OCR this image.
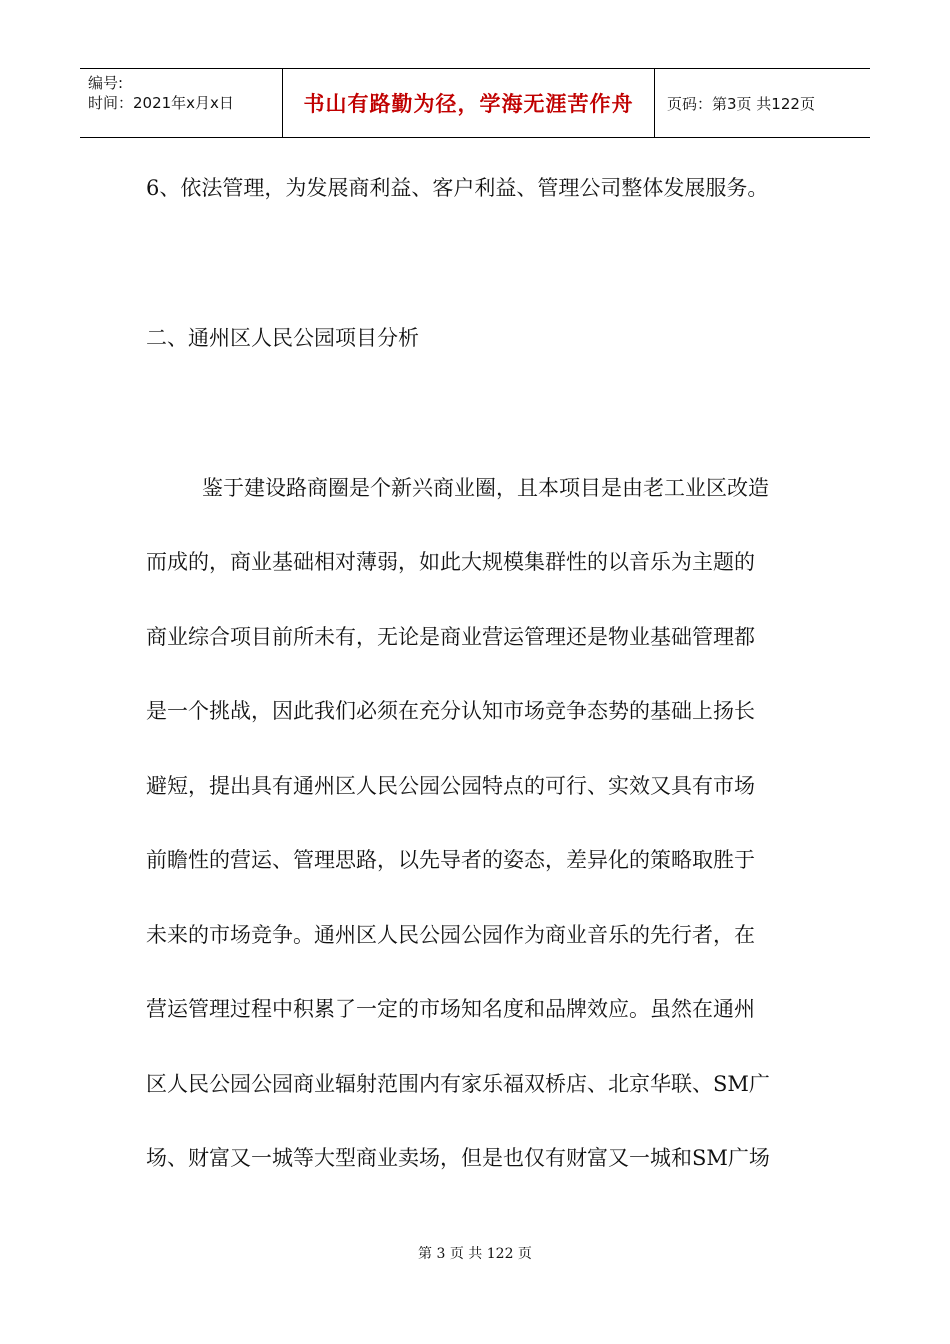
编号:
时间：2021年x月x日	书山有路勤为径，学海无涯苦作舟 页码：第3页 共122页
6、依法管理，为发展商利益、客户利益、管理公司整体发展服务。
二、通州区人民公园项目分析
鉴于建设路商圈是个新兴商业圈，且本项目是由老工业区改造
而成的，商业基础相对薄弱，如此大规模集群性的以音乐为主题的
商业综合项目前所未有，无论是商业营运管理还是物业基础管理都
是一个挑战，因此我们必须在充分认知市场竞争态势的基础上扬长
避短，提出具有通州区人民公园公园特点的可行、实效又具有市场
前瞻性的营运、管理思路，以先导者的姿态，差异化的策略取胜于
未来的市场竞争。通州区人民公园公园作为商业音乐的先行者，在
营运管理过程中积累了一定的市场知名度和品牌效应。虽然在通州
区人民公园公园商业辐射范围内有家乐福双桥店、北京华联、SM广
场、财富又一城等大型商业卖场，但是也仅有财富又一城和SM广场
第 3 页 共 122 页
